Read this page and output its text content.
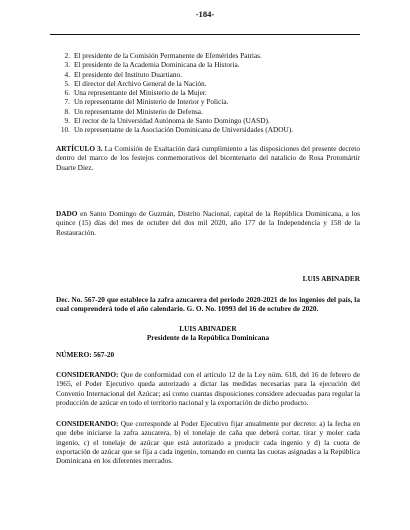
-184-
2. El presidente de la Comisión Permanente de Efemérides Patrias.
3. El presidente de la Academia Dominicana de la Historia.
4. El presidente del Instituto Duartiano.
5. El director del Archivo General de la Nación.
6. Una representante del Ministerio de la Mujer.
7. Un representante del Ministerio de Interior y Policía.
8. Un representante del Ministerio de Defensa.
9. El rector de la Universidad Autónoma de Santo Domingo (UASD).
10. Un representante de la Asociación Dominicana de Universidades (ADOU).

ARTÍCULO 3. La Comisión de Exaltación dará cumplimiento a las disposiciones del presente decreto dentro del marco de los festejos conmemorativos del bicentenario del natalicio de Rosa Protomártir Duarte Diez.

DADO en Santo Domingo de Guzmán, Distrito Nacional, capital de la República Dominicana, a los quince (15) días del mes de octubre del dos mil 2020, año 177 de la Independencia y 158 de la Restauración.

LUIS ABINADER

Dec. No. 567-20 que establece la zafra azucarera del periodo 2020-2021 de los ingenios del país, la cual comprenderá todo el año calendario. G. O. No. 10993 del 16 de octubre de 2020.

LUIS ABINADER

Presidente de la República Dominicana

NÚMERO: 567-20

CONSIDERANDO: Que de conformidad con el artículo 12 de la Ley núm. 618, del 16 de febrero de 1965, el Poder Ejecutivo queda autorizado a dictar las medidas necesarias para la ejecución del Convenio Internacional del Azúcar; así como cuantas disposiciones considere adecuadas para regular la producción de azúcar en todo el territorio nacional y la exportación de dicho producto.

CONSIDERANDO: Que corresponde al Poder Ejecutivo fijar anualmente por decreto: a) la fecha en que debe iniciarse la zafra azucarera, b) el tonelaje de caña que deberá cortar. tirar y moler cada ingenio, c) el tonelaje de azúcar que está autorizado a producir cada ingenio y d) la cuota de exportación de azúcar que se fija a cada ingenio, tomando en cuenta las cuotas asignadas a la República Dominicana en los diferentes mercados.
